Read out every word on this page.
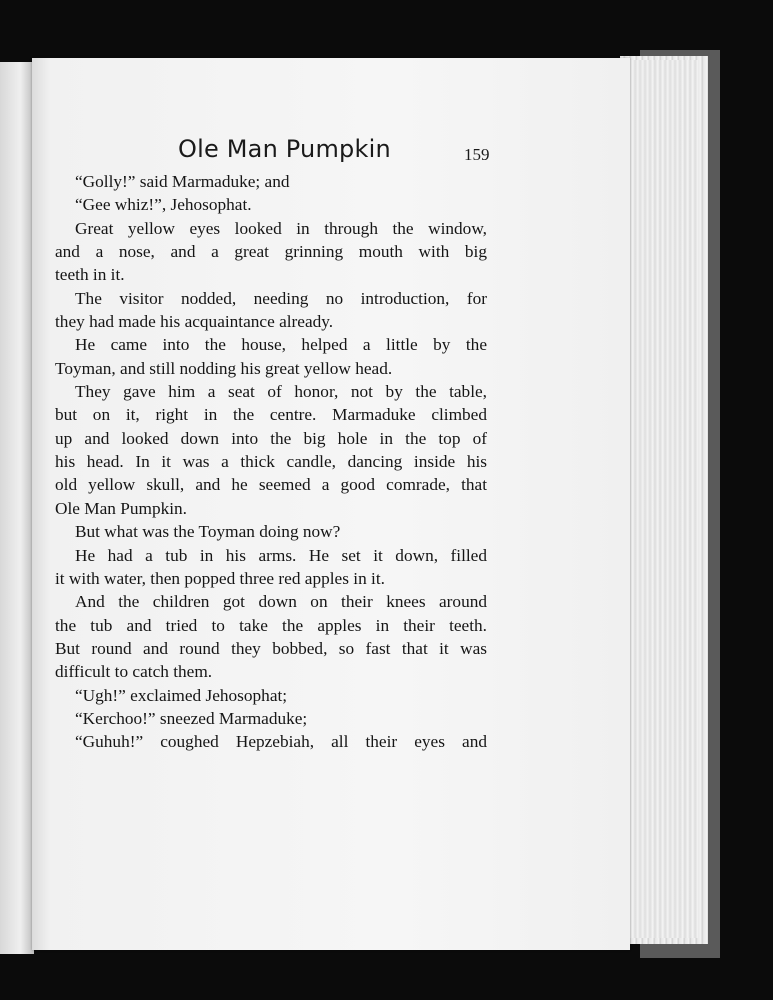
Ole Man Pumpkin	159
“Golly!” said Marmaduke; and
“Gee whiz!”, Jehosophat.
Great yellow eyes looked in through the window,
and a nose, and a great grinning mouth with big
teeth in it.
The visitor nodded, needing no introduction, for
they had made his acquaintance already.
He came into the house, helped a little by the
Toyman, and still nodding his great yellow head.
They gave him a seat of honor, not by the table,
but on it, right in the centre. Marmaduke climbed
up and looked down into the big hole in the top of
his head. In it was a thick candle, dancing inside his
old yellow skull, and he seemed a good comrade, that
Ole Man Pumpkin.
But what was the Toyman doing now?
He had a tub in his arms. He set it down, filled
it with water, then popped three red apples in it.
And the children got down on their knees around
the tub and tried to take the apples in their teeth.
But round and round they bobbed, so fast that it was
difficult to catch them.
“Ugh!” exclaimed Jehosophat;
“Kerchoo!” sneezed Marmaduke;
“Guhuh!” coughed Hepzebiah, all their eyes and
